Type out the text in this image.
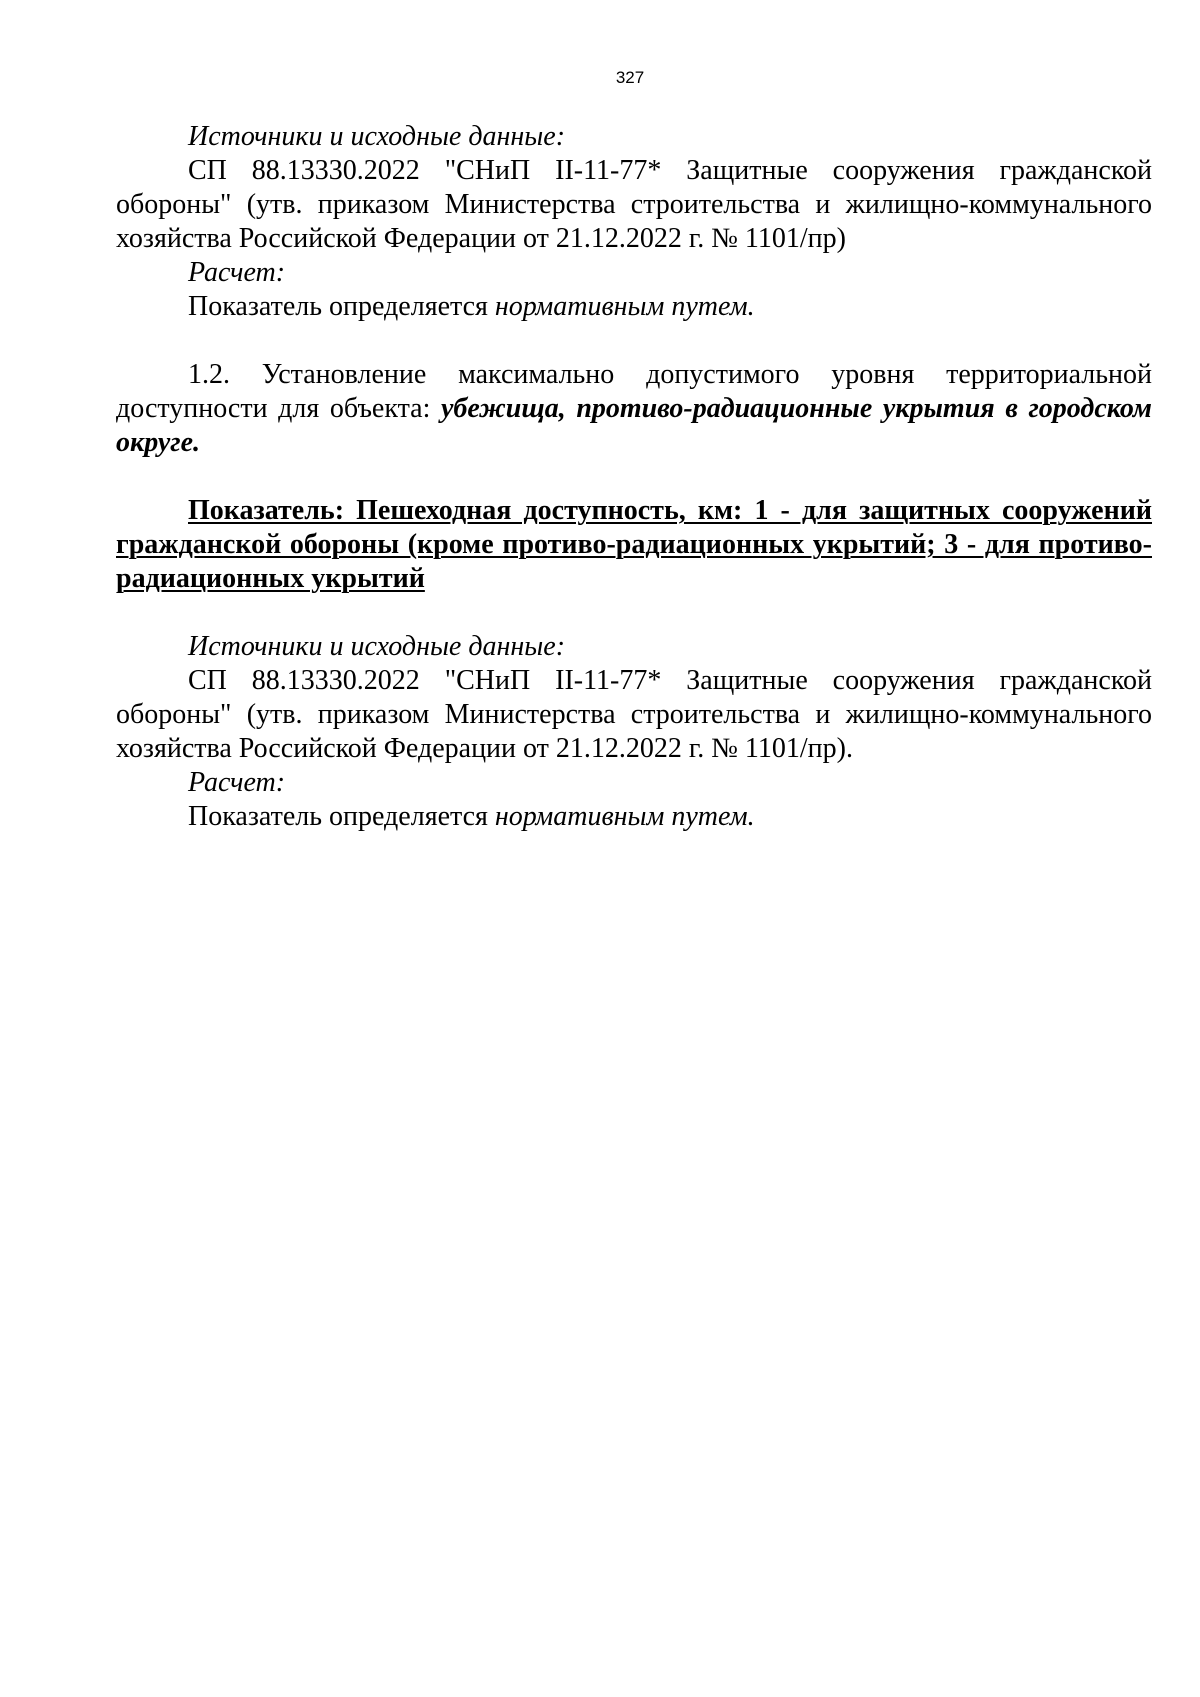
327

Источники и исходные данные:

СП 88.13330.2022 "СНиП II-11-77* Защитные сооружения гражданской обороны" (утв. приказом Министерства строительства и жилищно-коммунального хозяйства Российской Федерации от 21.12.2022 г. № 1101/пр)

Расчет:

Показатель определяется нормативным путем.

1.2. Установление максимально допустимого уровня территориальной доступности для объекта: убежища, противо-радиационные укрытия в городском округе.

Показатель: Пешеходная доступность, км: 1 - для защитных сооружений гражданской обороны (кроме противо-радиационных укрытий; 3 - для противо-радиационных укрытий

Источники и исходные данные:

СП 88.13330.2022 "СНиП II-11-77* Защитные сооружения гражданской обороны" (утв. приказом Министерства строительства и жилищно-коммунального хозяйства Российской Федерации от 21.12.2022 г. № 1101/пр).

Расчет:

Показатель определяется нормативным путем.
